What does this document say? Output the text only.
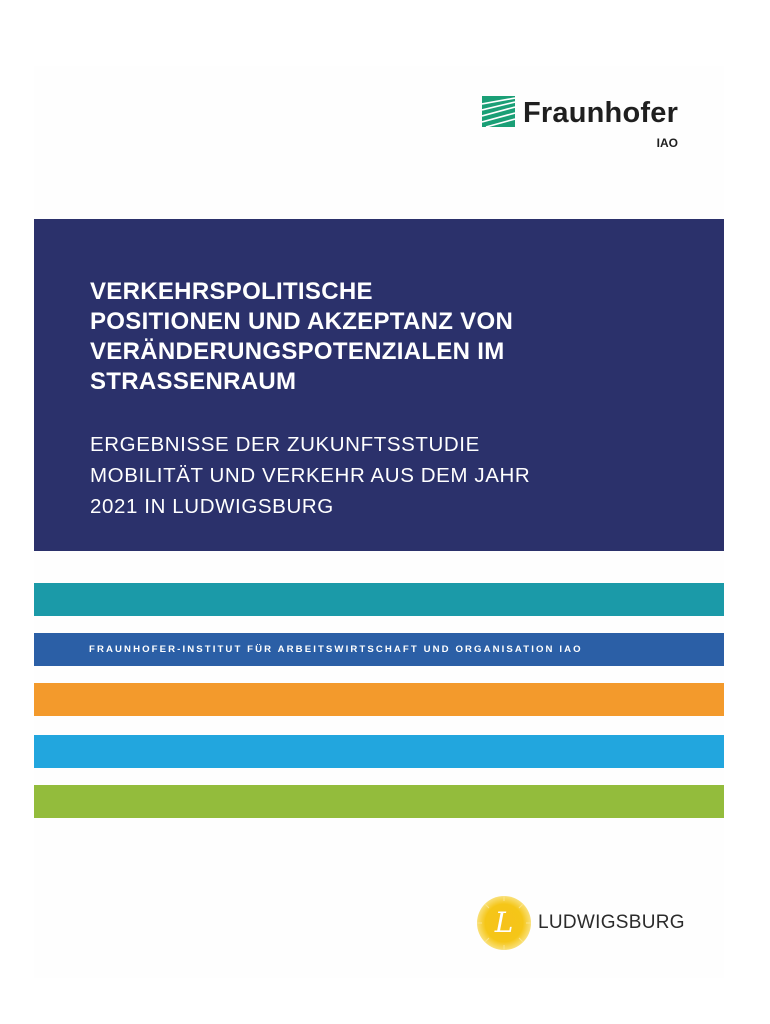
Fraunhofer
IAO
VERKEHRSPOLITISCHE
POSITIONEN UND AKZEPTANZ VON
VERÄNDERUNGSPOTENZIALEN IM
STRASSENRAUM
ERGEBNISSE DER ZUKUNFTSSTUDIE
MOBILITÄT UND VERKEHR AUS DEM JAHR
2021 IN LUDWIGSBURG
FRAUNHOFER-INSTITUT FÜR ARBEITSWIRTSCHAFT UND ORGANISATION IAO
L LUDWIGSBURG
